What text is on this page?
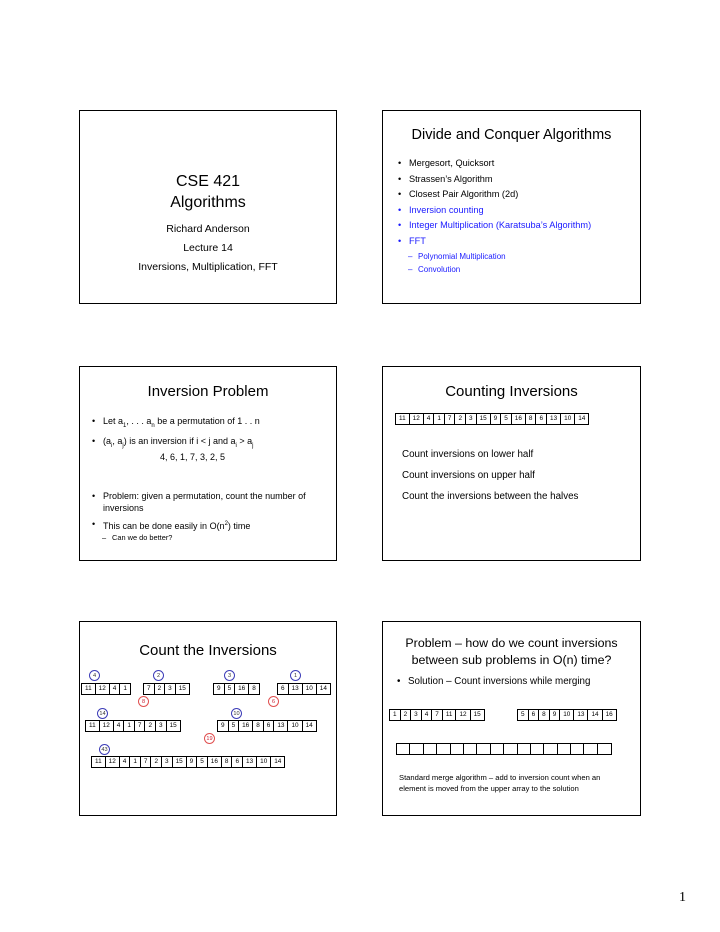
CSE 421
Algorithms
Richard Anderson
Lecture 14
Inversions, Multiplication, FFT
Divide and Conquer Algorithms
• Mergesort, Quicksort
• Strassen’s Algorithm
• Closest Pair Algorithm (2d)
• Inversion counting
• Integer Multiplication (Karatsuba’s Algorithm)
• FFT
– Polynomial Multiplication
– Convolution
Inversion Problem
• Let $a_1$, . . . $a_n$ be a permutation of 1 . . n
• ($a_i$, $a_j$) is an inversion if i < j and $a_i > a_j$
4, 6, 1, 7, 3, 2, 5
• Problem: given a permutation, count the number of inversions
• This can be done easily in $O(n^2)$ time
– Can we do better?
Counting Inversions
11	12	4	1	7	2	3	15	9	5	16	8	6	13	10	14
Count inversions on lower half
Count inversions on upper half
Count the inversions between the halves
Count the Inversions
4	2	3	1
11	12	4	1	7	2	3	15	9	5	16	8	6	13	10	14
8	6
14	10
11	12	4	1	7	2	3	15	9	5	16	8	6	13	10	14
19
43
11	12	4	1	7	2	3	15	9	5	16	8	6	13	10	14
Problem – how do we count inversions
between sub problems in O(n) time?
• Solution – Count inversions while merging
1	2	3	4	7	11	12	15	5	6	8	9	10	13	14	16
Standard merge algorithm – add to inversion count when an element is moved from the upper array to the solution
1
